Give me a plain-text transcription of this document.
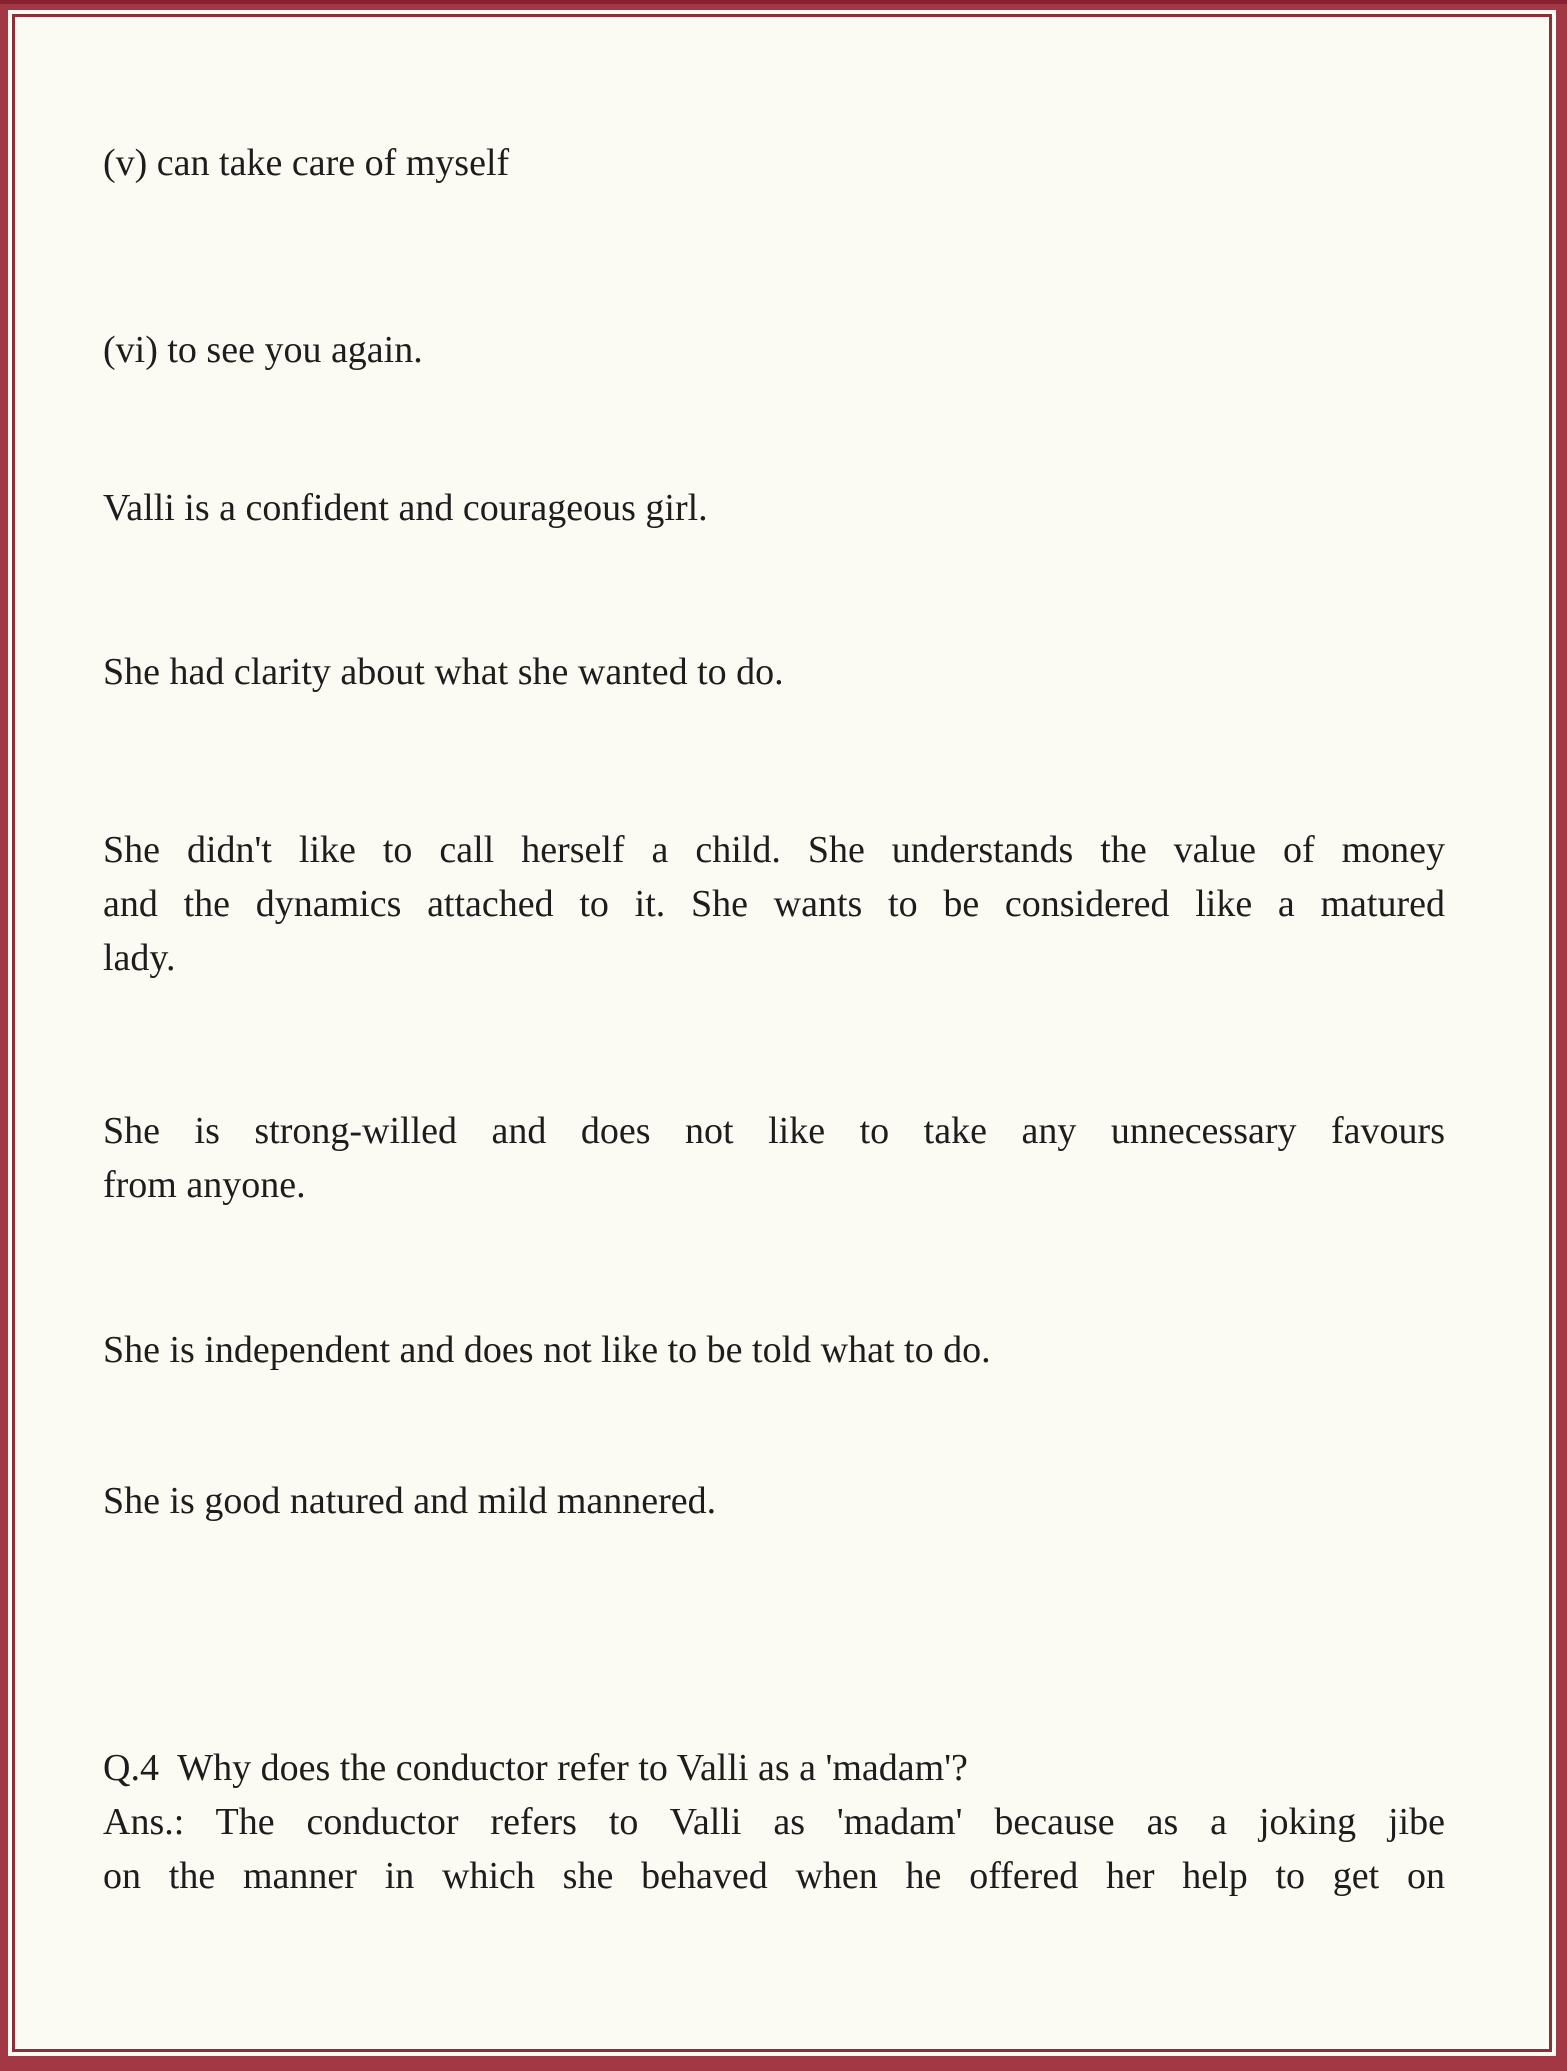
(v) can take care of myself
(vi) to see you again.
Valli is a confident and courageous girl.
She had clarity about what she wanted to do.
She didn't like to call herself a child. She understands the value of money
and the dynamics attached to it. She wants to be considered like a matured
lady.
She is strong-willed and does not like to take any unnecessary favours
from anyone.
She is independent and does not like to be told what to do.
She is good natured and mild mannered.
Q.4  Why does the conductor refer to Valli as a 'madam'?
Ans.: The conductor refers to Valli as 'madam' because as a joking jibe
on the manner in which she behaved when he offered her help to get on
